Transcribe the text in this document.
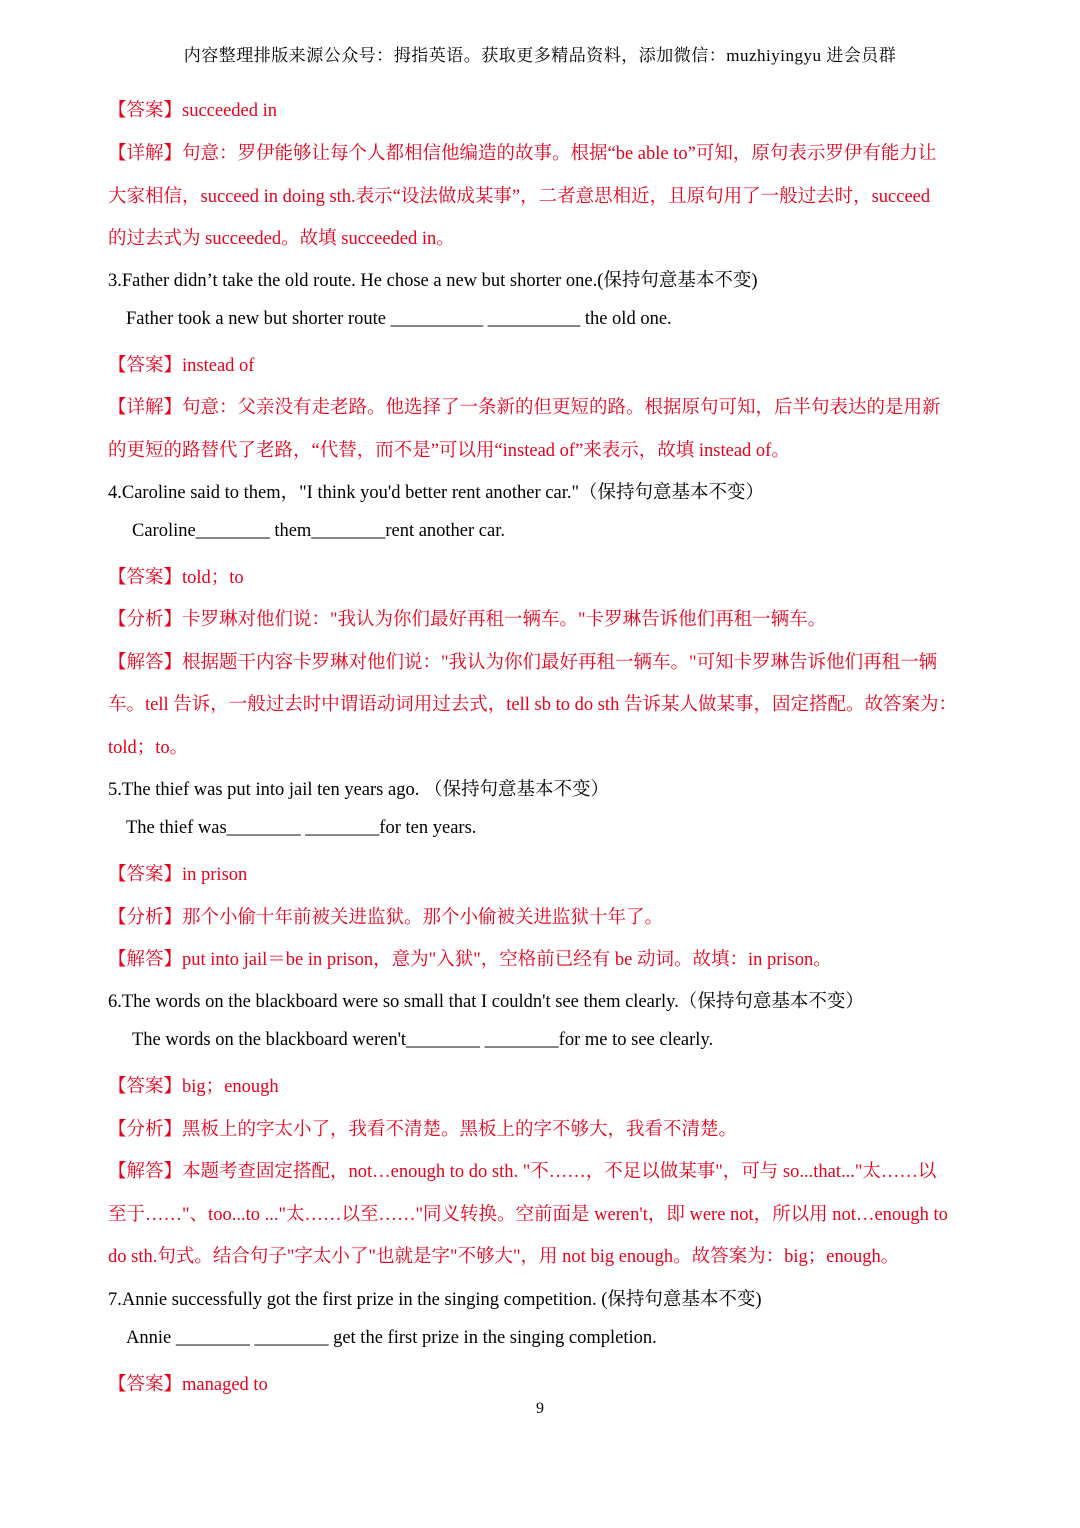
内容整理排版来源公众号：拇指英语。获取更多精品资料，添加微信：muzhiyingyu 进会员群
【答案】succeeded in
【详解】句意：罗伊能够让每个人都相信他编造的故事。根据“be able to”可知，原句表示罗伊有能力让
大家相信，succeed in doing sth.表示“设法做成某事”，二者意思相近，且原句用了一般过去时，succeed
的过去式为 succeeded。故填 succeeded in。
3.Father didn’t take the old route. He chose a new but shorter one.(保持句意基本不变)
Father took a new but shorter route __________ __________ the old one.
【答案】instead of
【详解】句意：父亲没有走老路。他选择了一条新的但更短的路。根据原句可知，后半句表达的是用新
的更短的路替代了老路，“代替，而不是”可以用“instead of”来表示，故填 instead of。
4.Caroline said to them，"I think you'd better rent another car."（保持句意基本不变）
Caroline________ them________rent another car.
【答案】told；to
【分析】卡罗琳对他们说："我认为你们最好再租一辆车。"卡罗琳告诉他们再租一辆车。
【解答】根据题干内容卡罗琳对他们说："我认为你们最好再租一辆车。"可知卡罗琳告诉他们再租一辆
车。tell 告诉，一般过去时中谓语动词用过去式，tell sb to do sth 告诉某人做某事，固定搭配。故答案为：
told；to。
5.The thief was put into jail ten years ago. （保持句意基本不变）
The thief was________ ________for ten years.
【答案】in prison
【分析】那个小偷十年前被关进监狱。那个小偷被关进监狱十年了。
【解答】put into jail＝be in prison，意为"入狱"，空格前已经有 be 动词。故填：in prison。
6.The words on the blackboard were so small that I couldn't see them clearly.（保持句意基本不变）
The words on the blackboard weren't________ ________for me to see clearly.
【答案】big；enough
【分析】黑板上的字太小了，我看不清楚。黑板上的字不够大，我看不清楚。
【解答】本题考查固定搭配，not…enough to do sth. "不……，不足以做某事"，可与 so...that..."太……以
至于……"、too...to ..."太……以至……"同义转换。空前面是 weren't，即 were not，所以用 not…enough to
do sth.句式。结合句子"字太小了"也就是字"不够大"，用 not big enough。故答案为：big；enough。
7.Annie successfully got the first prize in the singing competition. (保持句意基本不变)
Annie ________ ________ get the first prize in the singing completion.
【答案】managed to
9
